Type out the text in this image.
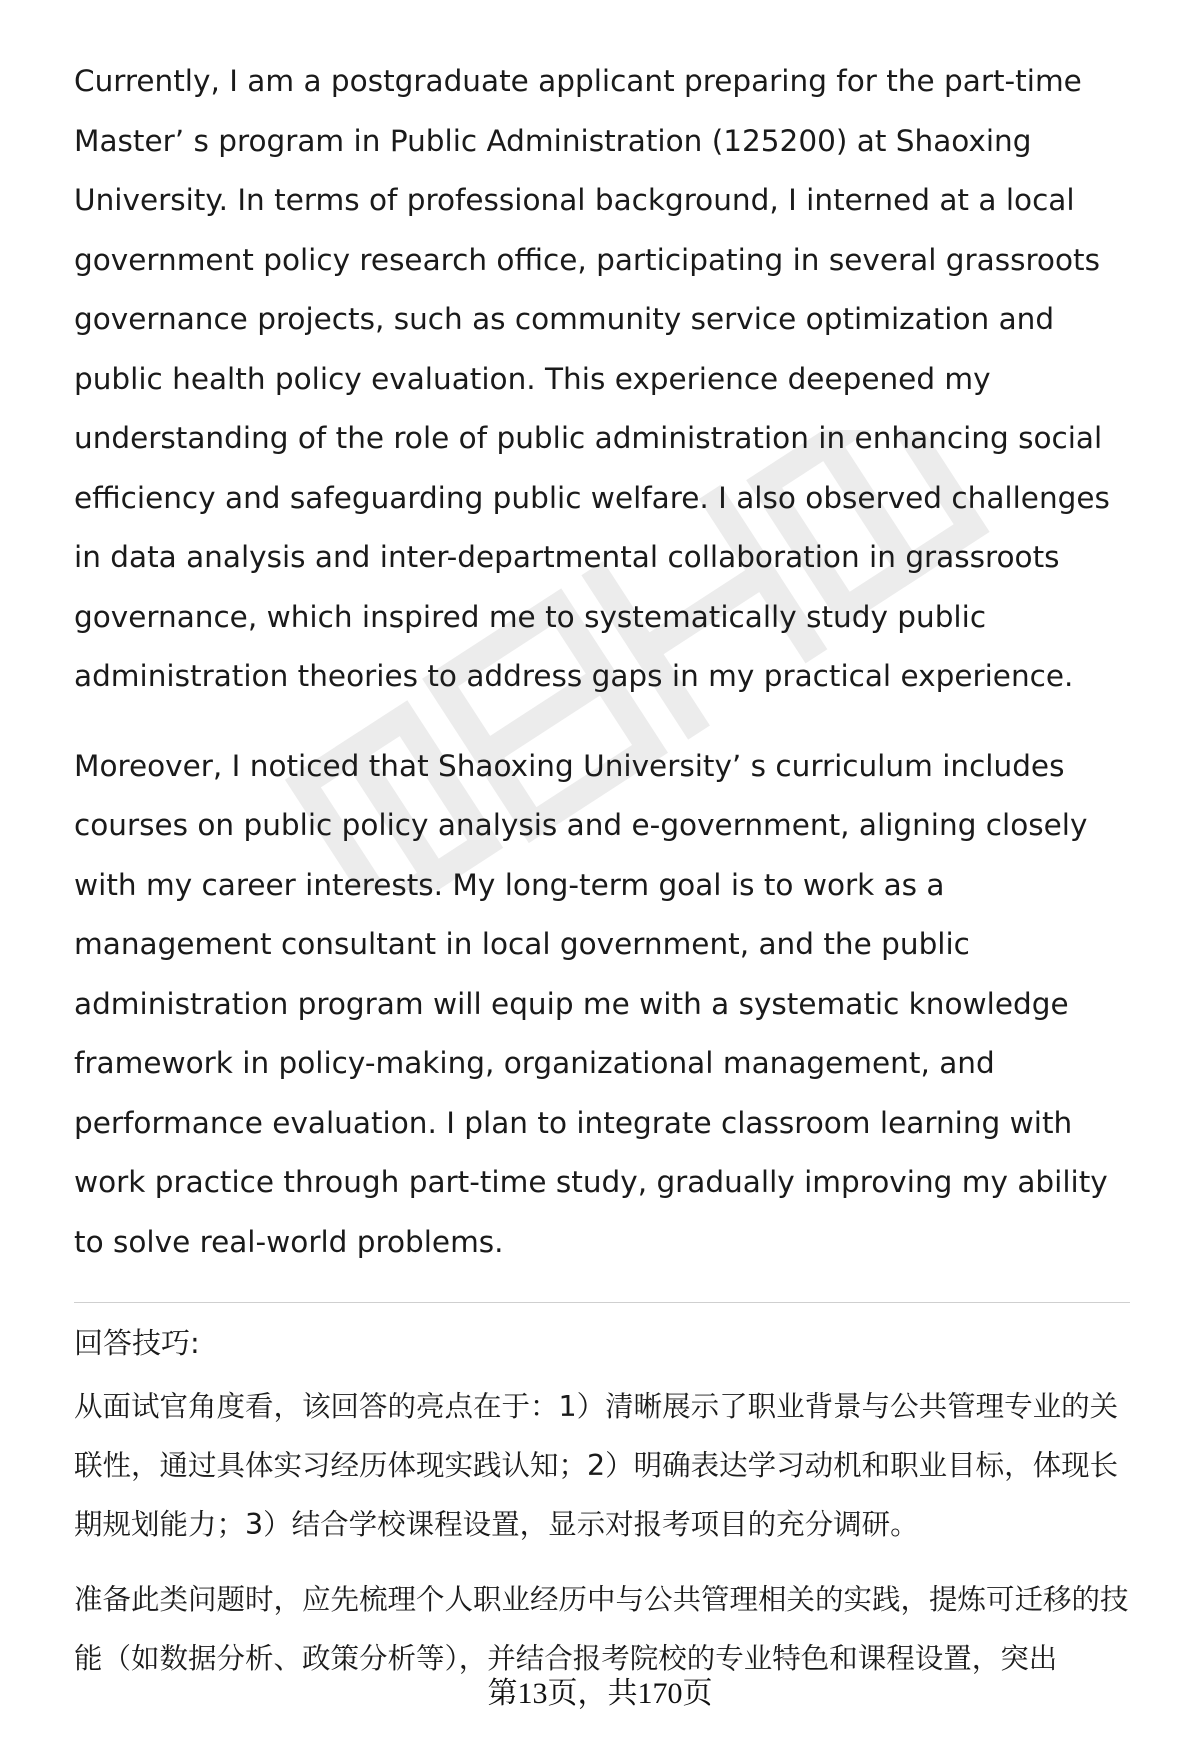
Currently, I am a postgraduate applicant preparing for the part-time Master’ s program in Public Administration (125200) at Shaoxing University. In terms of professional background, I interned at a local government policy research office, participating in several grassroots governance projects, such as community service optimization and public health policy evaluation. This experience deepened my understanding of the role of public administration in enhancing social efficiency and safeguarding public welfare. I also observed challenges in data analysis and inter-departmental collaboration in grassroots governance, which inspired me to systematically study public administration theories to address gaps in my practical experience.

Moreover, I noticed that Shaoxing University’ s curriculum includes courses on public policy analysis and e-government, aligning closely with my career interests. My long-term goal is to work as a management consultant in local government, and the public administration program will equip me with a systematic knowledge framework in policy-making, organizational management, and performance evaluation. I plan to integrate classroom learning with work practice through part-time study, gradually improving my ability to solve real-world problems.

回答技巧:

从面试官角度看，该回答的亮点在于：1）清晰展示了职业背景与公共管理专业的关联性，通过具体实习经历体现实践认知；2）明确表达学习动机和职业目标，体现长期规划能力；3）结合学校课程设置，显示对报考项目的充分调研。

准备此类问题时，应先梳理个人职业经历中与公共管理相关的实践，提炼可迁移的技能（如数据分析、政策分析等），并结合报考院校的专业特色和课程设置，突出

第13页，共170页
